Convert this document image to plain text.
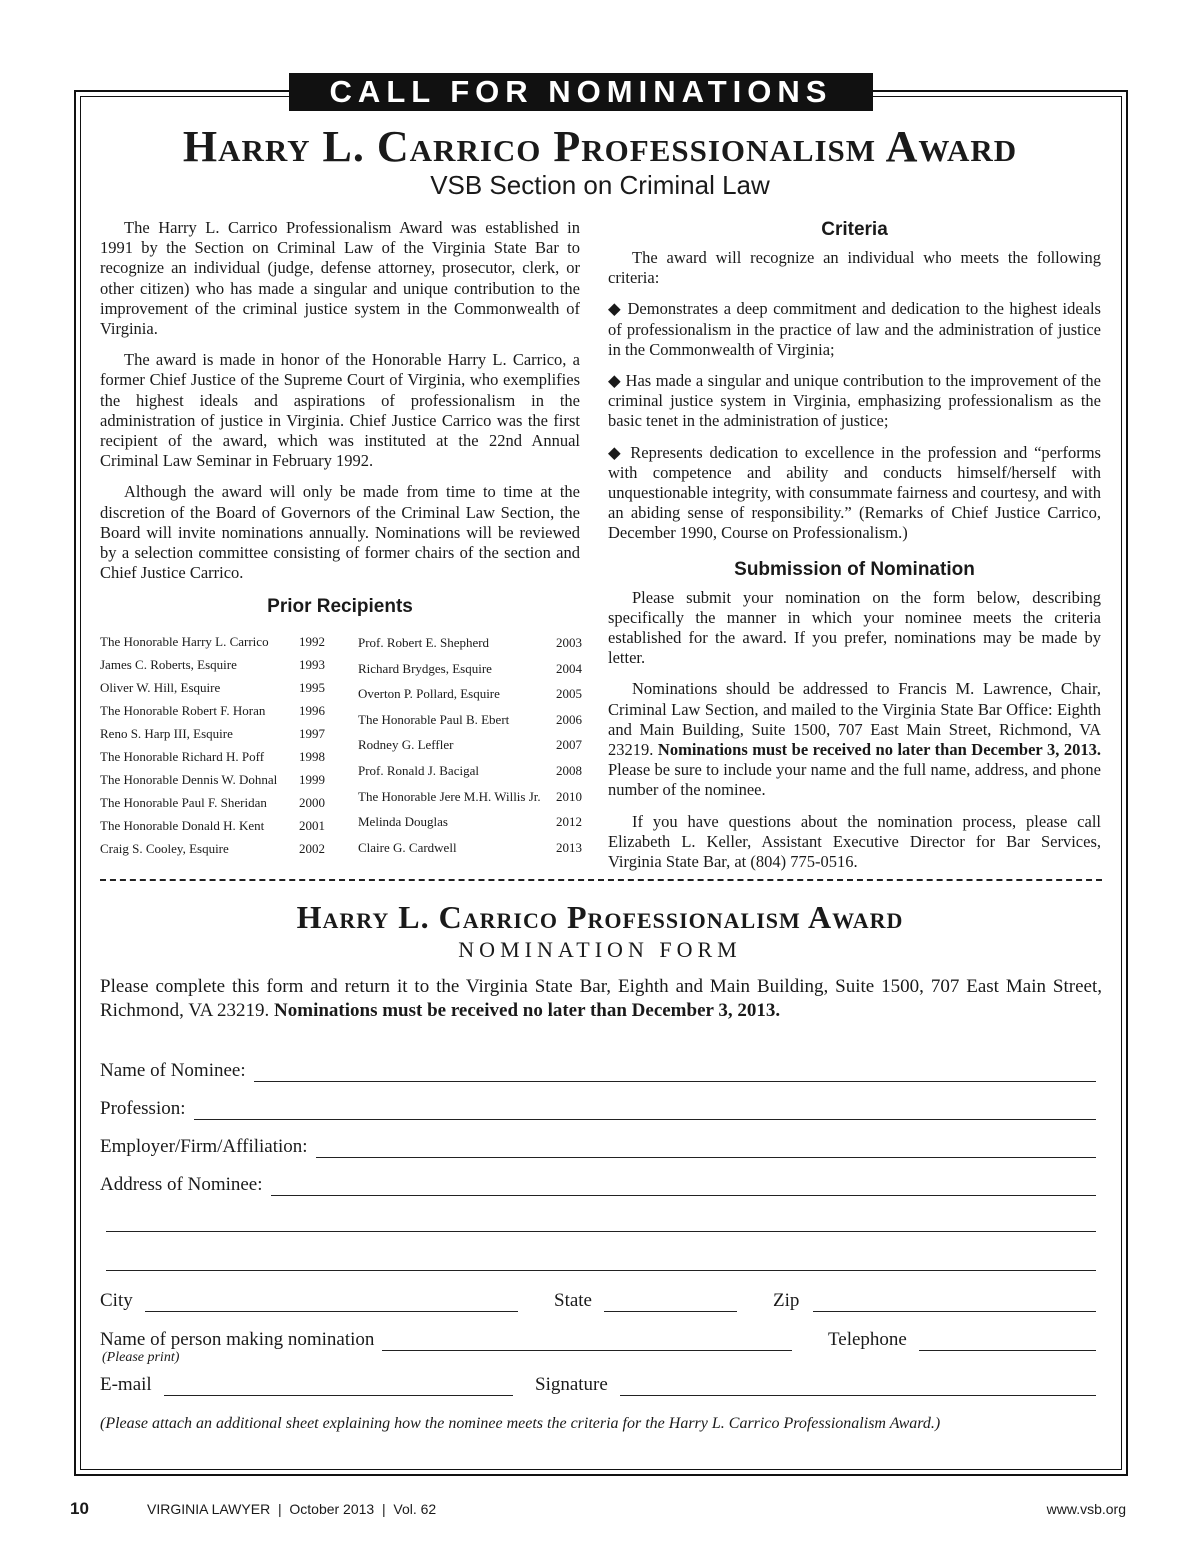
CALL FOR NOMINATIONS
Harry L. Carrico Professionalism Award
VSB Section on Criminal Law

The Harry L. Carrico Professionalism Award was established in 1991 by the Section on Criminal Law of the Virginia State Bar to recognize an individual (judge, defense attorney, prosecutor, clerk, or other citizen) who has made a singular and unique contribution to the improvement of the criminal justice system in the Commonwealth of Virginia.

The award is made in honor of the Honorable Harry L. Carrico, a former Chief Justice of the Supreme Court of Virginia, who exemplifies the highest ideals and aspirations of professionalism in the administration of justice in Virginia. Chief Justice Carrico was the first recipient of the award, which was instituted at the 22nd Annual Criminal Law Seminar in February 1992.

Although the award will only be made from time to time at the discretion of the Board of Governors of the Criminal Law Section, the Board will invite nominations annually. Nominations will be reviewed by a selection committee consisting of former chairs of the section and Chief Justice Carrico.

Prior Recipients
The Honorable Harry L. Carrico 1992
James C. Roberts, Esquire	1993
Oliver W. Hill, Esquire	1995
The Honorable Robert F. Horan	1996
Reno S. Harp III, Esquire	1997
The Honorable Richard H. Poff	1998
The Honorable Dennis W. Dohnal 1999
The Honorable Paul F. Sheridan 2000
The Honorable Donald H. Kent	2001
Craig S. Cooley, Esquire	2002
Prof. Robert E. Shepherd	2003
Richard Brydges, Esquire	2004
Overton P. Pollard, Esquire	2005
The Honorable Paul B. Ebert	2006
Rodney G. Leffler	2007
Prof. Ronald J. Bacigal	2008
The Honorable Jere M.H. Willis Jr. 2010
Melinda Douglas	2012
Claire G. Cardwell	2013
Criteria

The award will recognize an individual who meets the following criteria:

◆ Demonstrates a deep commitment and dedication to the highest ideals of professionalism in the practice of law and the administration of justice in the Commonwealth of Virginia;

◆ Has made a singular and unique contribution to the improvement of the criminal justice system in Virginia, emphasizing professionalism as the basic tenet in the administration of justice;

◆ Represents dedication to excellence in the profession and “performs with competence and ability and conducts himself/herself with unquestionable integrity, with consummate fairness and courtesy, and with an abiding sense of responsibility.” (Remarks of Chief Justice Carrico, December 1990, Course on Professionalism.)

Submission of Nomination

Please submit your nomination on the form below, describing specifically the manner in which your nominee meets the criteria established for the award. If you prefer, nominations may be made by letter.

Nominations should be addressed to Francis M. Lawrence, Chair, Criminal Law Section, and mailed to the Virginia State Bar Office: Eighth and Main Building, Suite 1500, 707 East Main Street, Richmond, VA 23219. Nominations must be received no later than December 3, 2013. Please be sure to include your name and the full name, address, and phone number of the nominee.

If you have questions about the nomination process, please call Elizabeth L. Keller, Assistant Executive Director for Bar Services, Virginia State Bar, at (804) 775-0516.

Harry L. Carrico Professionalism Award
NOMINATION FORM
Please complete this form and return it to the Virginia State Bar, Eighth and Main Building, Suite 1500, 707 East Main Street, Richmond, VA 23219. Nominations must be received no later than December 3, 2013.
Name of Nominee:
Profession:
Employer/Firm/Affiliation:
Address of Nominee:
City	State	Zip
Name of person making nomination
(Please print)
Telephone
E-mail	Signature
(Please attach an additional sheet explaining how the nominee meets the criteria for the Harry L. Carrico Professionalism Award.)
10	VIRGINIA LAWYER  |  October 2013  |  Vol. 62	www.vsb.org
